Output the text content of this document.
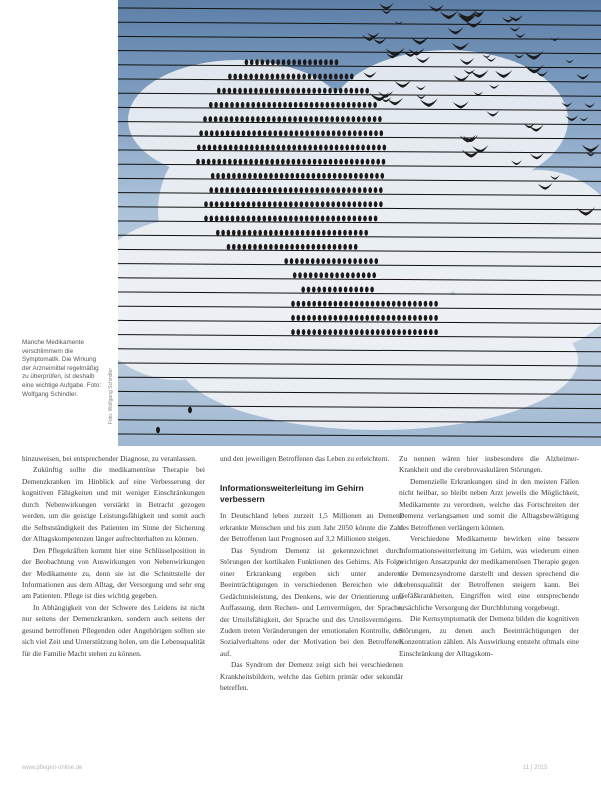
Foto: Wolfgang Schindler

Manche Medikamente verschlimmern die Symptomatik. Die Wirkung der Arzneimittel regelmäßig zu überprüfen, ist deshalb eine wichtige Aufgabe. Foto: Wolfgang Schindler.

hinzuweisen, bei entsprechender Diagnose, zu veranlassen.

Zukünftig sollte die medikamentöse Therapie bei Demenzkranken im Hinblick auf eine Verbesserung der kognitiven Fähigkeiten und mit weniger Einschränkungen durch Nebenwirkungen verstärkt in Betracht gezogen werden, um die geistige Leistungsfähigkeit und somit auch die Selbstständigkeit des Patienten im Sinne der Sicherung der Alltagskompetenzen länger aufrechterhalten zu können.

Den Pflegekräften kommt hier eine Schlüsselposition in der Beobachtung von Auswirkungen von Nebenwirkungen der Medikamente zu, denn sie ist die Schnittstelle der Informationen aus dem Alltag, der Versorgung und sehr eng am Patienten. Pflege ist dies wichtig gegeben.

In Abhängigkeit von der Schwere des Leidens ist nicht nur seitens der Demenzkranken, sondern auch seitens der gesund betroffenen Pflegenden oder Angehörigen sollten sie sich viel Zeit und Unterstützung holen, um die Lebensqualität für die Familie Macht stehen zu können.

und den jeweiligen Betroffenen das Leben zu erleichtern.

Informationsweiterleitung im Gehirn verbessern

In Deutschland leben zurzeit 1,5 Millionen an Demenz erkrankte Menschen und bis zum Jahr 2050 könnte die Zahl der Betroffenen laut Prognosen auf 3,2 Millionen steigen.

Das Syndrom Demenz ist gekennzeichnet durch Störungen der kortikalen Funktionen des Gehirns. Als Folge einer Erkrankung ergeben sich unter anderem Beeinträchtigungen in verschiedenen Bereichen wie der Gedächtnisleistung, des Denkens, wie der Orientierung und Auffassung, dem Rechen- und Lernvermögen, der Sprache, der Urteilsfähigkeit, der Sprache und des Urteilsvermögens. Zudem treten Veränderungen der emotionalen Kontrolle, des Sozialverhaltens oder der Motivation bei den Betroffenen auf.

Das Syndrom der Demenz zeigt sich bei verschiedenen Krankheitsbildern, welche das Gehirn primär oder sekundär betreffen.

Zu nennen wären hier insbesondere die Alzheimer-Krankheit und die cerebrovaskulären Störungen.

Demenzielle Erkrankungen sind in den meisten Fällen nicht heilbar, so bleibt neben Arzt jeweils die Möglichkeit, Medikamente zu verordnen, welche das Fortschreiten der Demenz verlangsamen und somit die Alltagsbewältigung des Betroffenen verlängern können.

Verschiedene Medikamente bewirken eine bessere Informationsweiterleitung im Gehirn, was wiederum einen wichtigen Ansatzpunkt der medikamentösen Therapie gegen die Demenzsyndrome darstellt und dessen sprechend die Lebensqualität der Betroffenen steigern kann. Bei Gefäßkrankheiten, Eingriffen wird eine entsprechende ursächliche Versorgung der Durchblutung vorgebeugt.

Die Kernsymptomatik der Demenz bilden die kognitiven Störungen, zu denen auch Beeinträchtigungen der Konzentration zählen. Als Auswirkung entsteht oftmals eine Einschränkung der Alltagskom-

www.pflegen-online.de	11 | 2015
